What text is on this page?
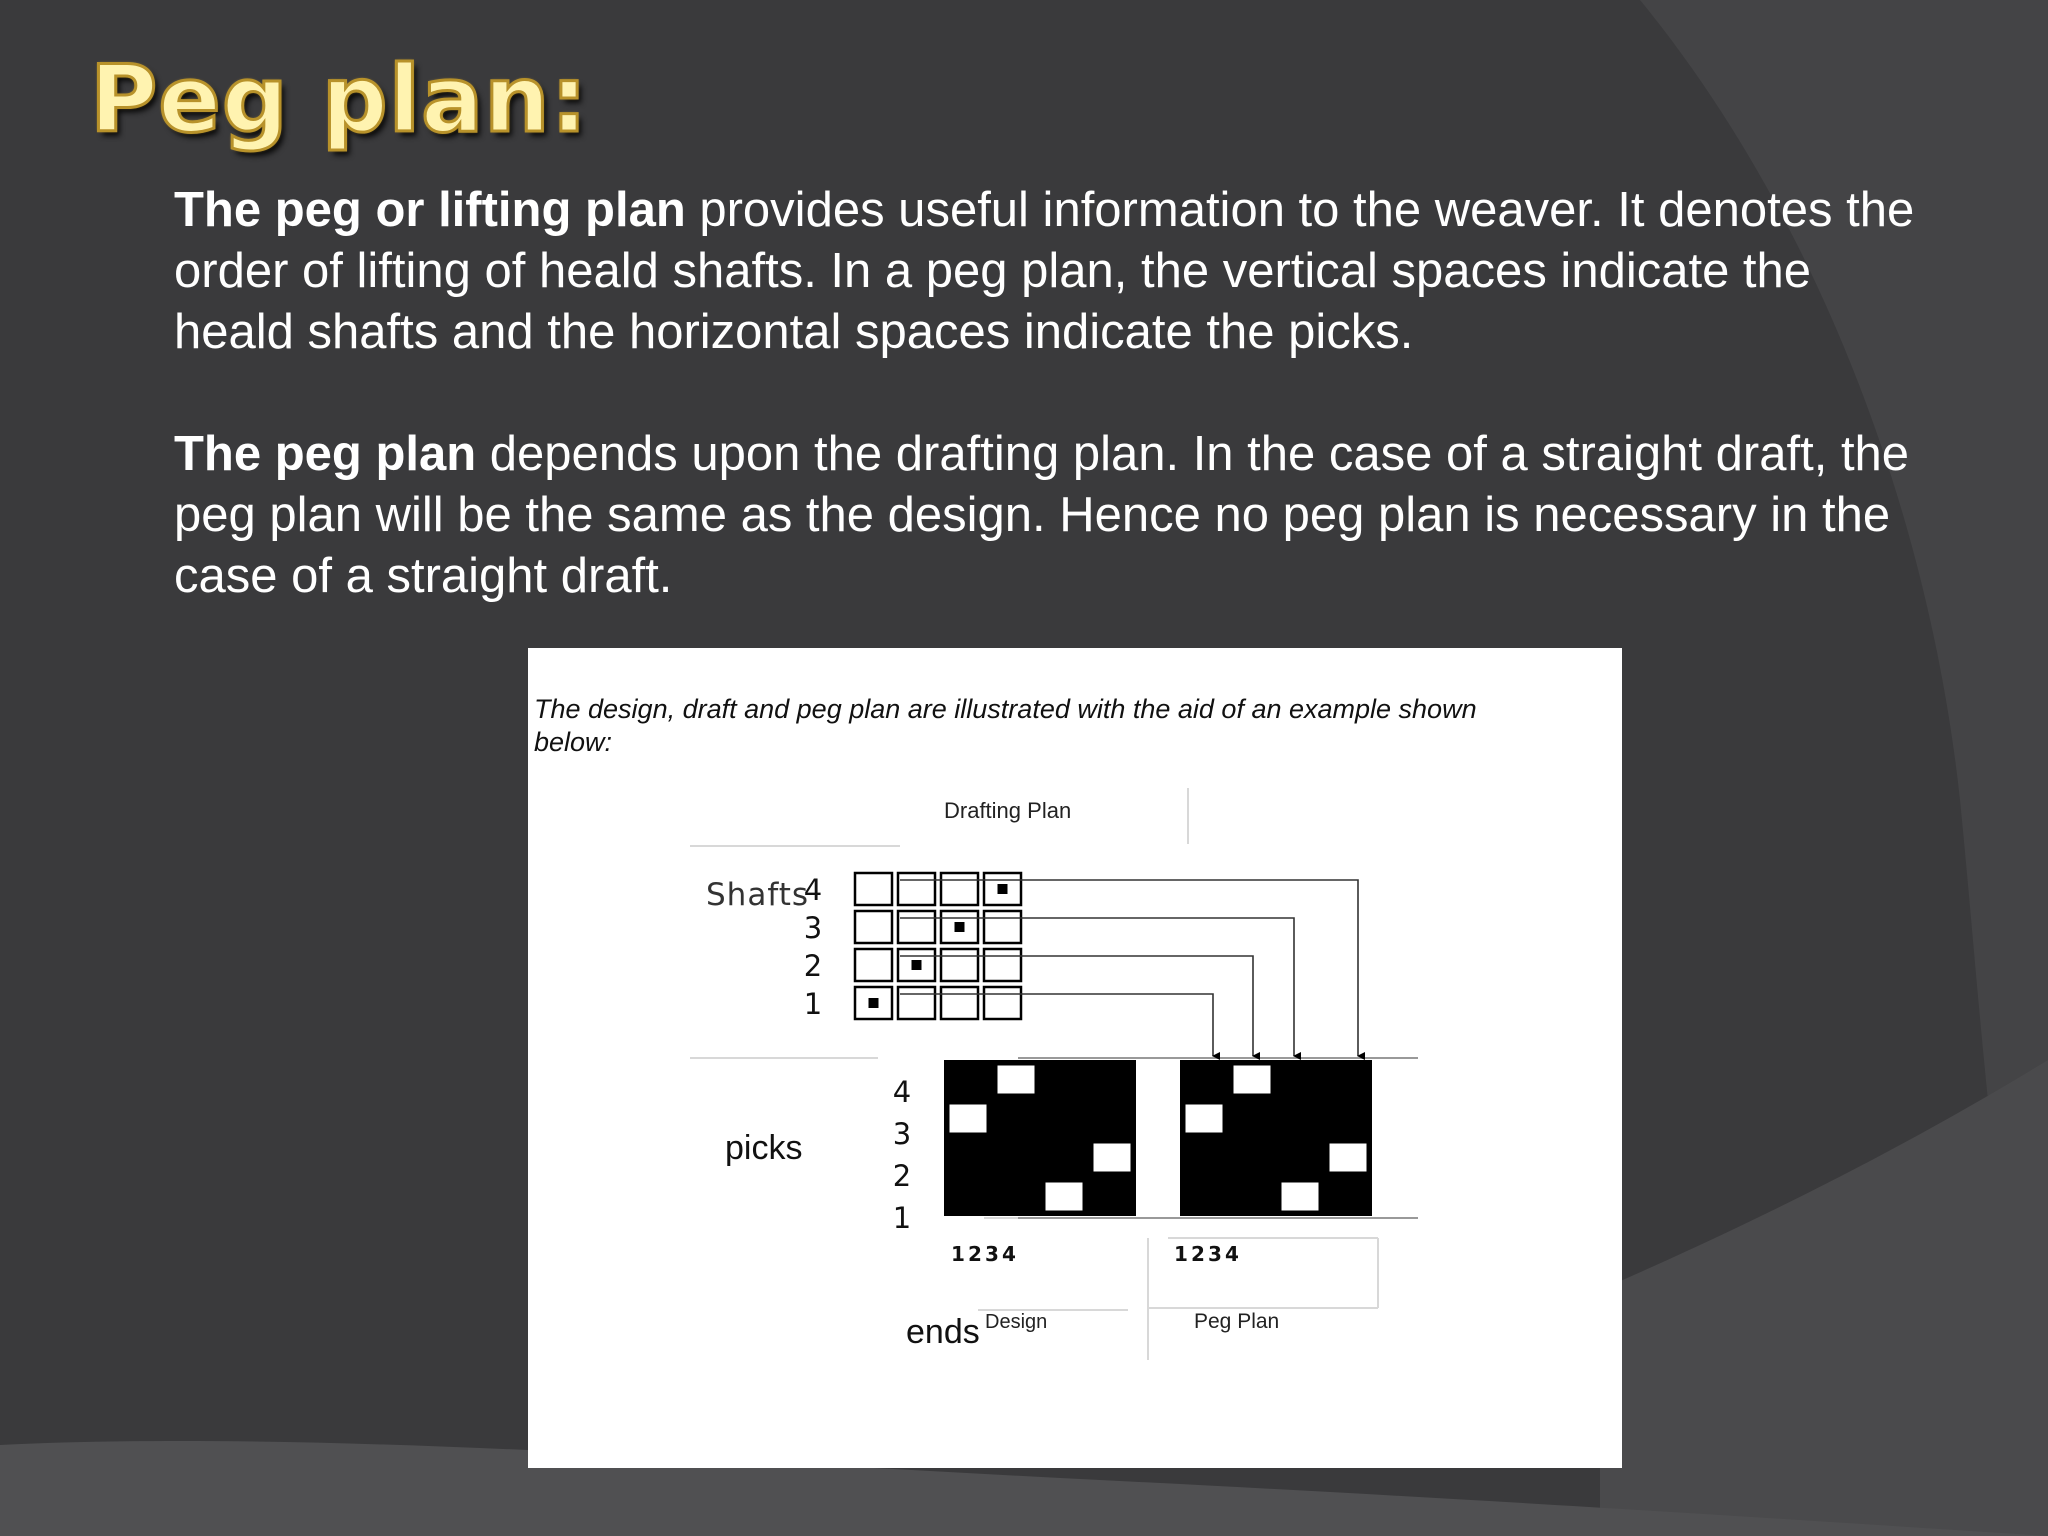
Peg plan:

The peg or lifting plan provides useful information to the weaver. It denotes the order of lifting of heald shafts. In a peg plan, the vertical spaces indicate the heald shafts and the horizontal spaces indicate the picks.

The peg plan depends upon the drafting plan. In the case of a straight draft, the peg plan will be the same as the design. Hence no peg plan is necessary in the case of a straight draft.

The design, draft and peg plan are illustrated with the aid of an example shown
below:
Drafting Plan
Shafts
picks
ends Design	Peg Plan
4
3
2
1
4
3
2
1
1 2 3 4	1 2 3 4
